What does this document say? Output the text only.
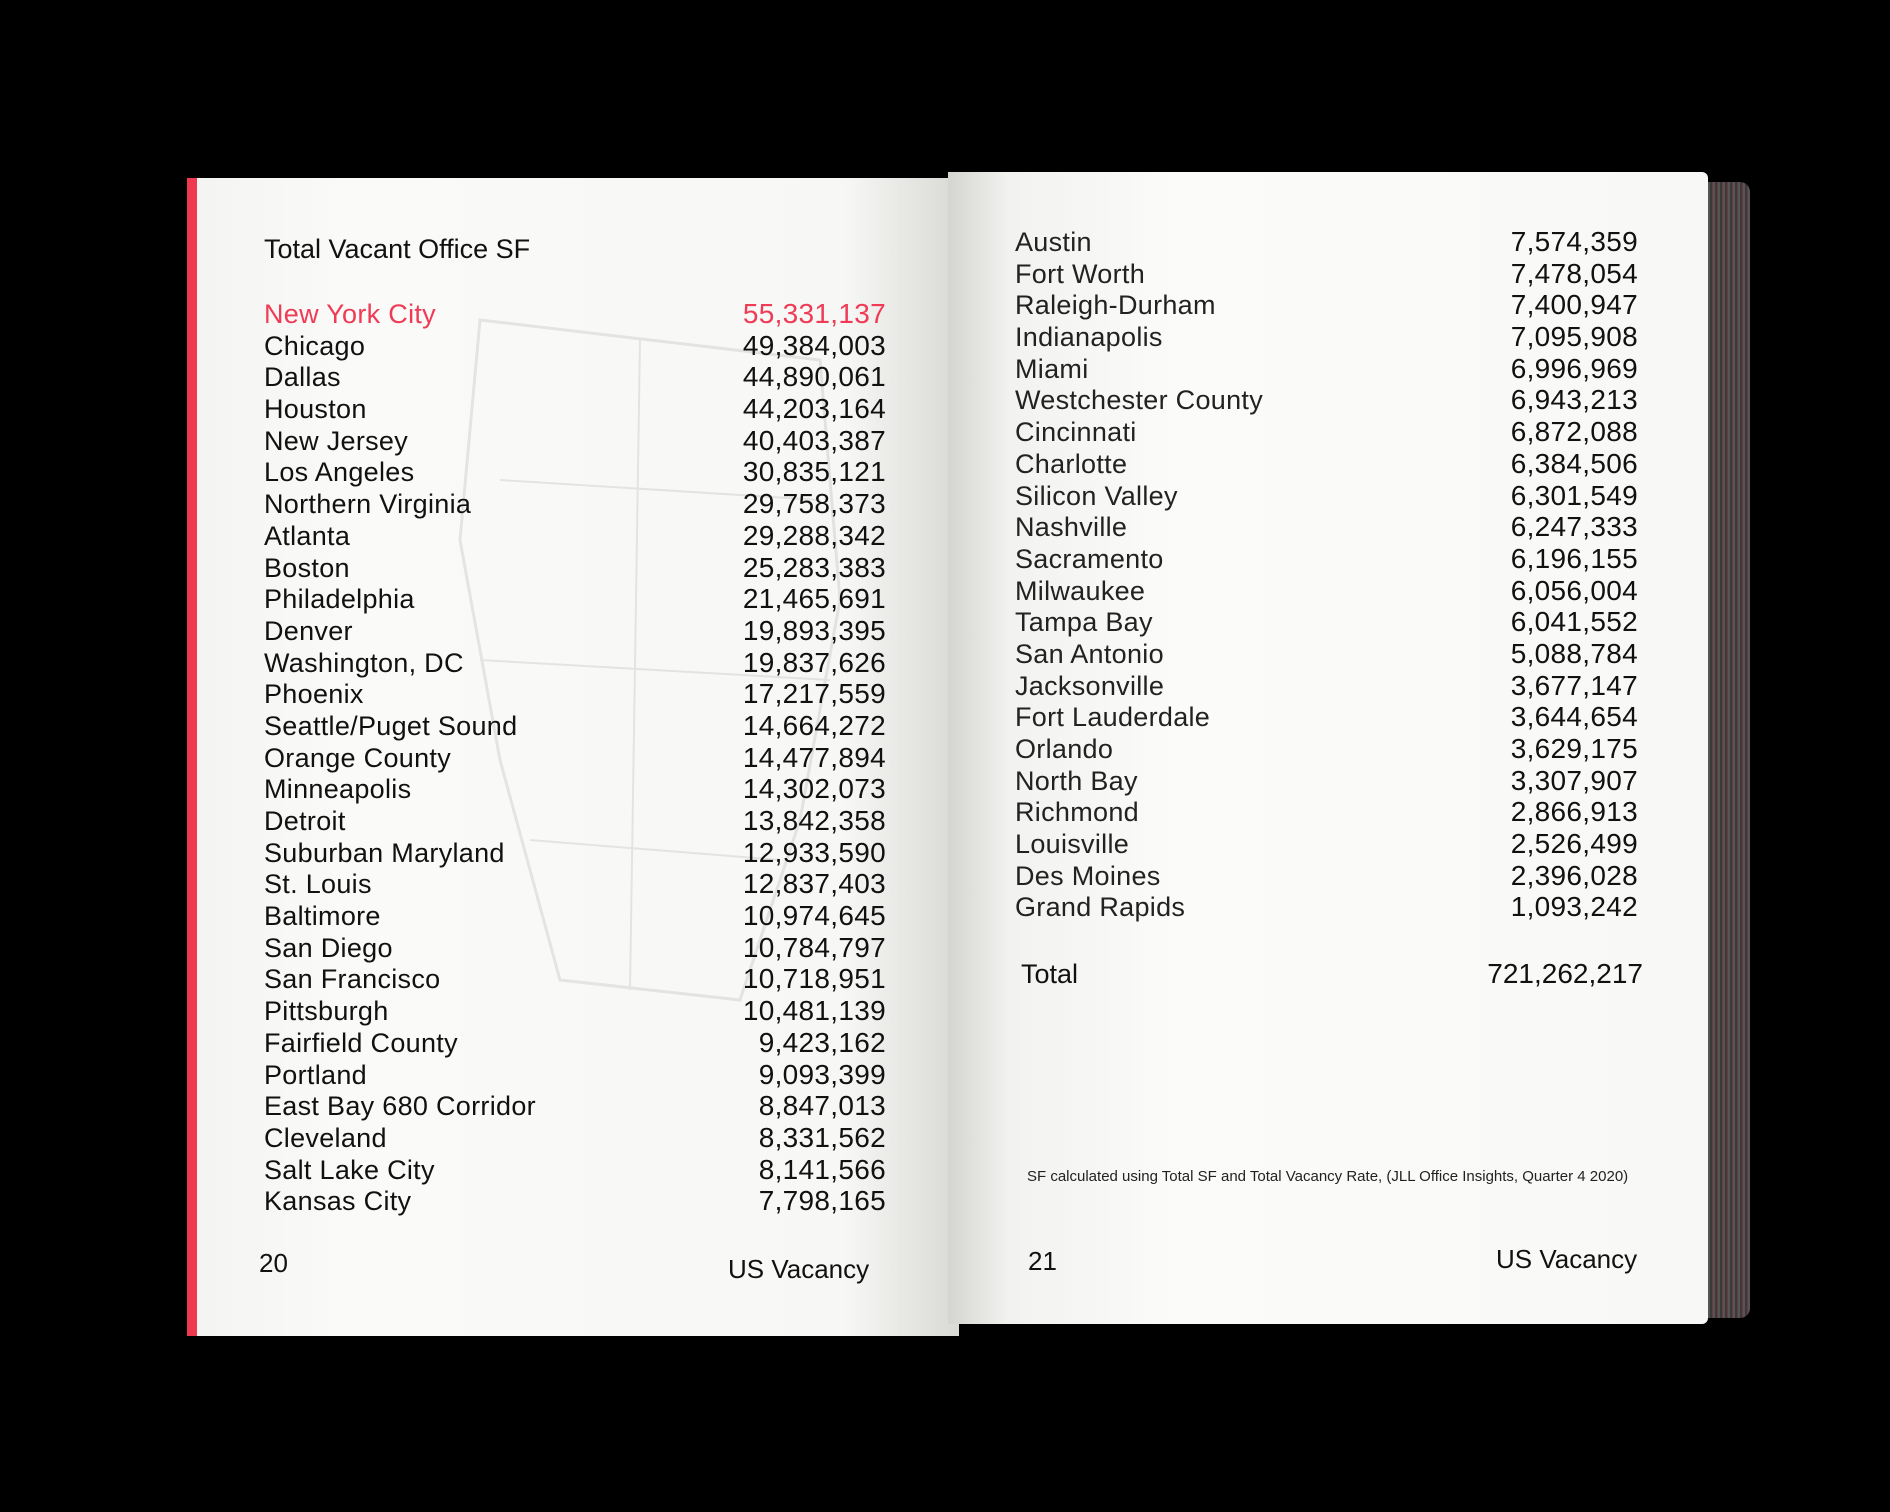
Total Vacant Office SF
New York City	55,331,137
Chicago	49,384,003
Dallas	44,890,061
Houston	44,203,164
New Jersey	40,403,387
Los Angeles	30,835,121
Northern Virginia	29,758,373
Atlanta	29,288,342
Boston	25,283,383
Philadelphia	21,465,691
Denver	19,893,395
Washington, DC	19,837,626
Phoenix	17,217,559
Seattle/Puget Sound	14,664,272
Orange County	14,477,894
Minneapolis	14,302,073
Detroit	13,842,358
Suburban Maryland	12,933,590
St. Louis	12,837,403
Baltimore	10,974,645
San Diego	10,784,797
San Francisco	10,718,951
Pittsburgh	10,481,139
Fairfield County	9,423,162
Portland	9,093,399
East Bay 680 Corridor	8,847,013
Cleveland	8,331,562
Salt Lake City	8,141,566
Kansas City	7,798,165
Austin	7,574,359
Fort Worth	7,478,054
Raleigh-Durham	7,400,947
Indianapolis	7,095,908
Miami	6,996,969
Westchester County	6,943,213
Cincinnati	6,872,088
Charlotte	6,384,506
Silicon Valley	6,301,549
Nashville	6,247,333
Sacramento	6,196,155
Milwaukee	6,056,004
Tampa Bay	6,041,552
San Antonio	5,088,784
Jacksonville	3,677,147
Fort Lauderdale	3,644,654
Orlando	3,629,175
North Bay	3,307,907
Richmond	2,866,913
Louisville	2,526,499
Des Moines	2,396,028
Grand Rapids	1,093,242
Total	721,262,217
SF calculated using Total SF and Total Vacancy Rate, (JLL Office Insights, Quarter 4 2020)
20	US Vacancy	21	US Vacancy
